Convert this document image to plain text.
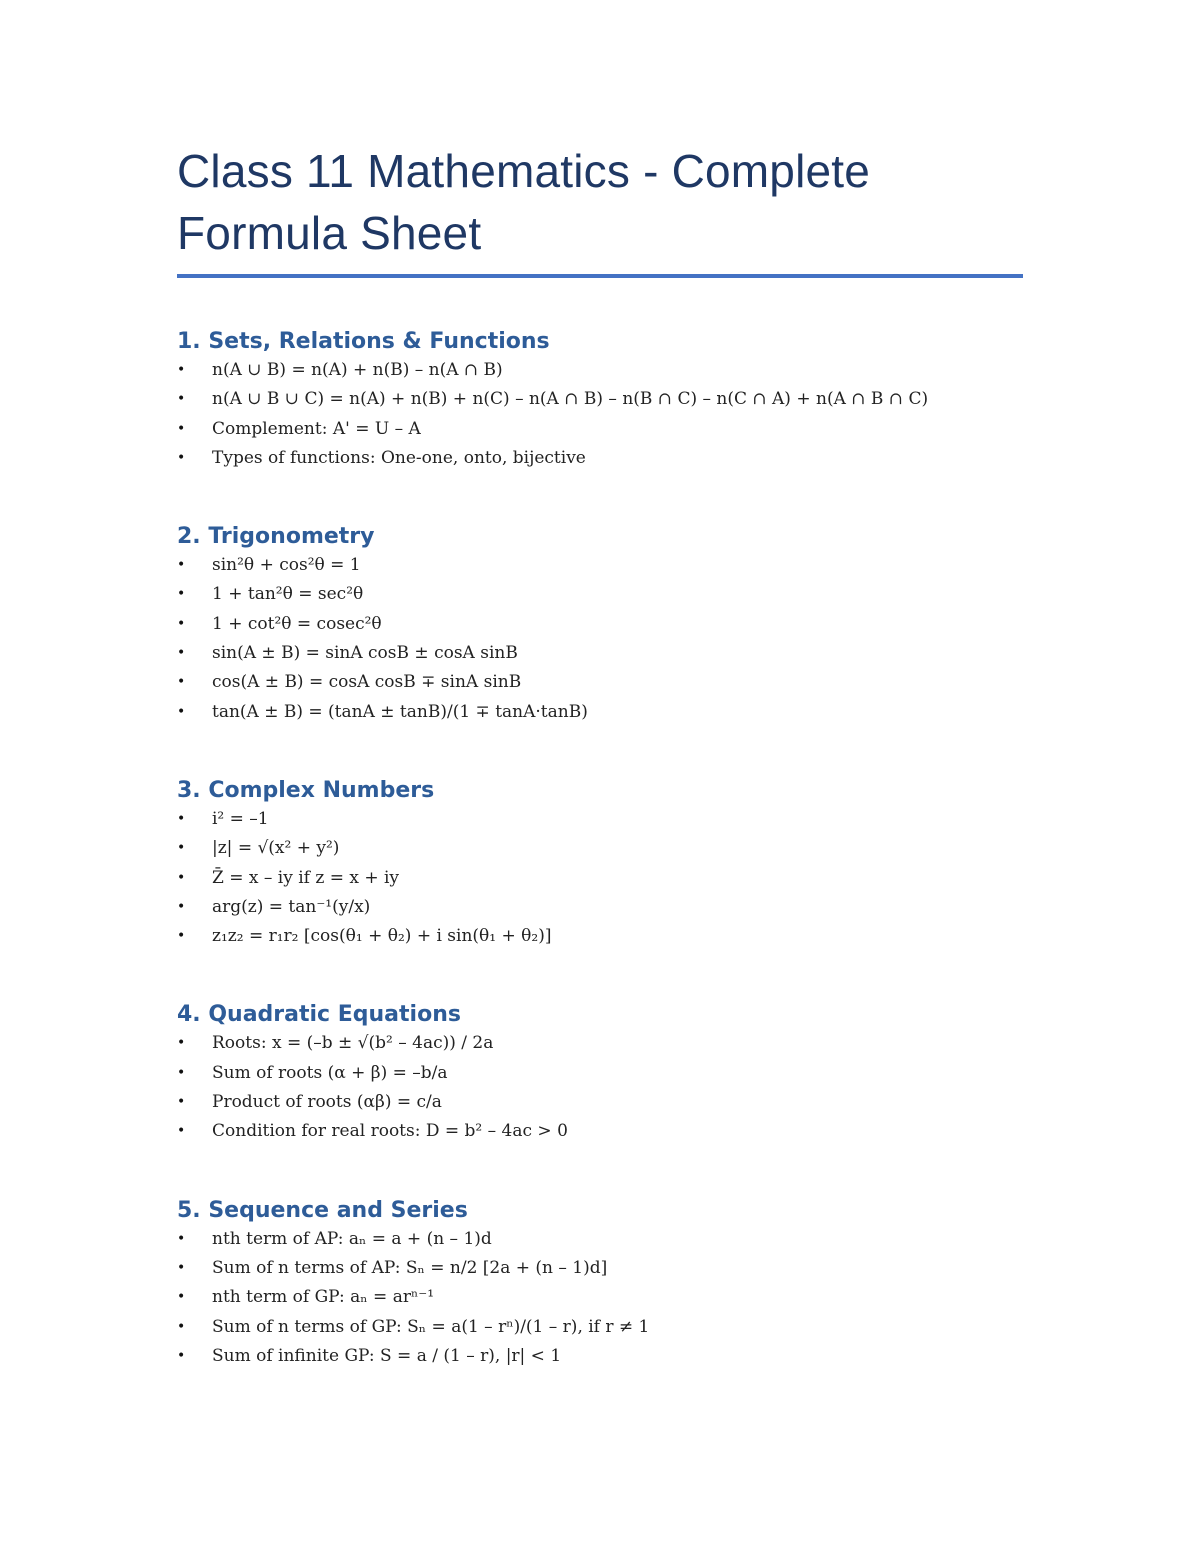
Class 11 Mathematics - Complete
Formula Sheet
1. Sets, Relations & Functions
• n(A ∪ B) = n(A) + n(B) – n(A ∩ B)
• n(A ∪ B ∪ C) = n(A) + n(B) + n(C) – n(A ∩ B) – n(B ∩ C) – n(C ∩ A) + n(A ∩ B ∩ C)
• Complement: A' = U – A
• Types of functions: One-one, onto, bijective
2. Trigonometry
• sin²θ + cos²θ = 1
• 1 + tan²θ = sec²θ
• 1 + cot²θ = cosec²θ
• sin(A ± B) = sinA cosB ± cosA sinB
• cos(A ± B) = cosA cosB ∓ sinA sinB
• tan(A ± B) = (tanA ± tanB)/(1 ∓ tanA·tanB)
3. Complex Numbers
• i² = –1
• |z| = √(x² + y²)
• Z̄ = x – iy if z = x + iy
• arg(z) = tan⁻¹(y/x)
• z₁z₂ = r₁r₂ [cos(θ₁ + θ₂) + i sin(θ₁ + θ₂)]
4. Quadratic Equations
• Roots: x = (–b ± √(b² – 4ac)) / 2a
• Sum of roots (α + β) = –b/a
• Product of roots (αβ) = c/a
• Condition for real roots: D = b² – 4ac > 0
5. Sequence and Series
• nth term of AP: aₙ = a + (n – 1)d
• Sum of n terms of AP: Sₙ = n/2 [2a + (n – 1)d]
• nth term of GP: aₙ = arⁿ⁻¹
• Sum of n terms of GP: Sₙ = a(1 – rⁿ)/(1 – r), if r ≠ 1
• Sum of infinite GP: S = a / (1 – r), |r| < 1
